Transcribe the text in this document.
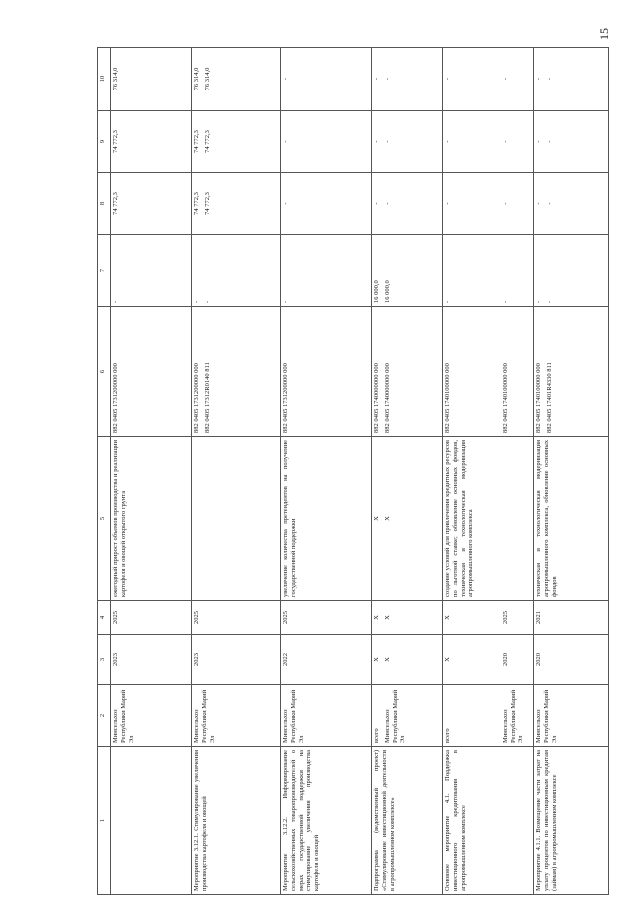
15
1	2	3	4	5	6	7	8	9	10
	Минсельхоз Республики Марий Эл	2023	2025	ежегодный прирост объемов производства и реализации картофеля и овощей открытого грунта	882 0405 1731200000 000	-	74 772,3	74 772,3	76 314,0
Мероприятие 3.12.1. Стимулирование увеличения производства картофеля и овощей	Минсельхоз Республики Марий Эл	2023	2025		882 0405 1731200000 000 882 0405 17312R0140 811	- -	74 772,3 74 772,3	74 772,3 74 772,3	76 314,0 76 314,0

Мероприятие 3.12.2. Информирование сельскохозяйственных товаропроизводителей о мерах государственной поддержки на стимулирование увеличения производства картофеля и овощей	Минсельхоз Республики Марий Эл	2022	2025	увеличение количества претендентов на получение государственной поддержки	882 0405 1731200000 000	-	-	-	-
Подпрограмма (ведомственный проект) «Стимулирование инвестиционной деятельности в агропромышленном комплексе»	всего Минсельхоз Республики Марий Эл	X X	X X	X X	882 0405 1740000000 000 882 0405 1740000000 000	16 000,0 16 000,0	- -	- -	- -

Основное мероприятие 4.1. Поддержка инвестиционного кредитования в агропромышленном комплексе	всего Минсельхоз Республики Марий Эл	X 2020	X 2025	создание условий для привлечения кредитных ресурсов по льготной ставке; обновление основных фондов, техническая и технологическая модернизация агропромышленного комплекса	882 0405 1740100000 000 882 0405 1740100000 000	- -	- -	- -	- -

Мероприятие 4.1.1. Возмещение части затрат на уплату процентов по инвестиционным кредитам (займам) в агропромышленном комплексе	Минсельхоз Республики Марий Эл	2020	2021	техническая и технологическая модернизация агропромышленного комплекса, обновление основных фондов	882 0405 1740100000 000 882 0405 17401R4330 811	- -	- -	- -	- -
